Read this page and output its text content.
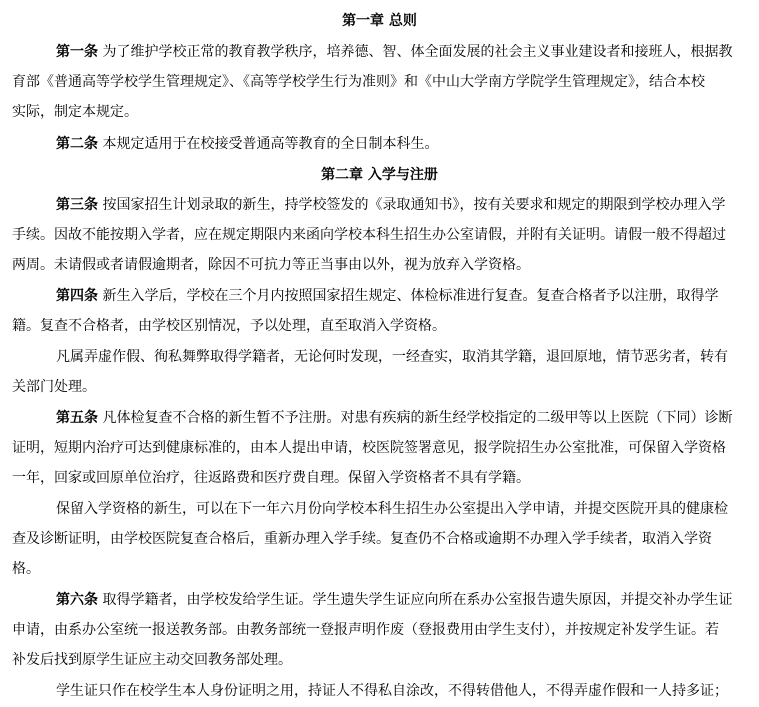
第一章 总则
第一条 为了维护学校正常的教育教学秩序，培养德、智、体全面发展的社会主义事业建设者和接班人，根据教
育部《普通高等学校学生管理规定》、《高等学校学生行为准则》和《中山大学南方学院学生管理规定》，结合本校
实际，制定本规定。
第二条 本规定适用于在校接受普通高等教育的全日制本科生。
第二章 入学与注册
第三条 按国家招生计划录取的新生，持学校签发的《录取通知书》，按有关要求和规定的期限到学校办理入学
手续。因故不能按期入学者，应在规定期限内来函向学校本科生招生办公室请假，并附有关证明。请假一般不得超过
两周。未请假或者请假逾期者，除因不可抗力等正当事由以外，视为放弃入学资格。
第四条 新生入学后，学校在三个月内按照国家招生规定、体检标准进行复查。复查合格者予以注册，取得学
籍。复查不合格者，由学校区别情况，予以处理，直至取消入学资格。
凡属弄虚作假、徇私舞弊取得学籍者，无论何时发现，一经查实，取消其学籍，退回原地，情节恶劣者，转有
关部门处理。
第五条 凡体检复查不合格的新生暂不予注册。对患有疾病的新生经学校指定的二级甲等以上医院（下同）诊断
证明，短期内治疗可达到健康标准的，由本人提出申请，校医院签署意见，报学院招生办公室批准，可保留入学资格
一年，回家或回原单位治疗，往返路费和医疗费自理。保留入学资格者不具有学籍。
保留入学资格的新生，可以在下一年六月份向学校本科生招生办公室提出入学申请，并提交医院开具的健康检
查及诊断证明，由学校医院复查合格后，重新办理入学手续。复查仍不合格或逾期不办理入学手续者，取消入学资
格。
第六条 取得学籍者，由学校发给学生证。学生遗失学生证应向所在系办公室报告遗失原因，并提交补办学生证
申请，由系办公室统一报送教务部。由教务部统一登报声明作废（登报费用由学生支付），并按规定补发学生证。若
补发后找到原学生证应主动交回教务部处理。
学生证只作在校学生本人身份证明之用，持证人不得私自涂改，不得转借他人，不得弄虚作假和一人持多证；
